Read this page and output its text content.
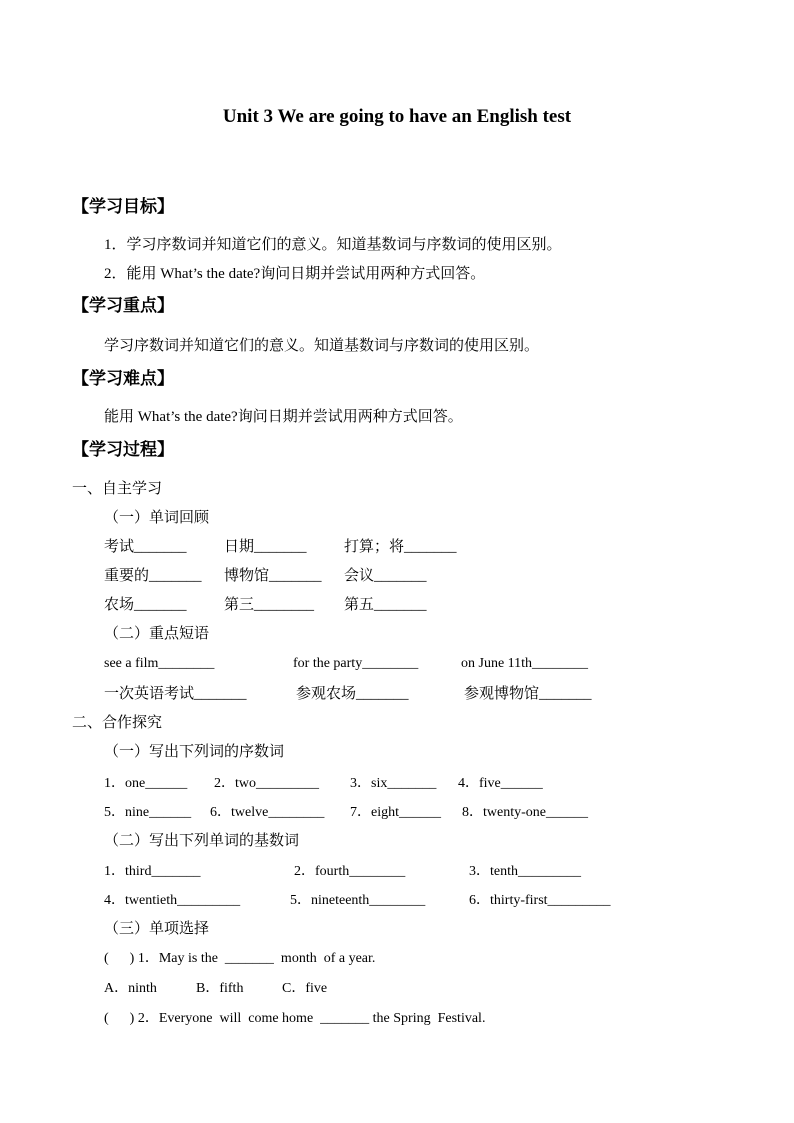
Unit 3 We are going to have an English test
【学习目标】
1．学习序数词并知道它们的意义。知道基数词与序数词的使用区别。
2．能用 What’s the date?询问日期并尝试用两种方式回答。
【学习重点】
学习序数词并知道它们的意义。知道基数词与序数词的使用区别。
【学习难点】
能用 What’s the date?询问日期并尝试用两种方式回答。
【学习过程】
一、自主学习
（一）单词回顾
考试_______ 日期_______ 打算；将_______
重要的_______ 博物馆_______ 会议_______
农场_______ 第三________ 第五_______
（二）重点短语
see a film________	for the party________	on June 11th________
一次英语考试_______	参观农场_______	参观博物馆_______
二、合作探究
（一）写出下列词的序数词
1．one______ 2．two_________ 3．six_______ 4．five______
5．nine______ 6．twelve________ 7．eight______ 8．twenty-one______
（二）写出下列单词的基数词
1．third_______	2．fourth________	3．tenth_________
4．twentieth_________	5．nineteenth________	6．thirty-first_________
（三）单项选择
(      ) 1．May is the  _______  month  of a year.
A．ninth	B．fifth	C．five
(      ) 2．Everyone  will  come home  _______ the Spring  Festival.
